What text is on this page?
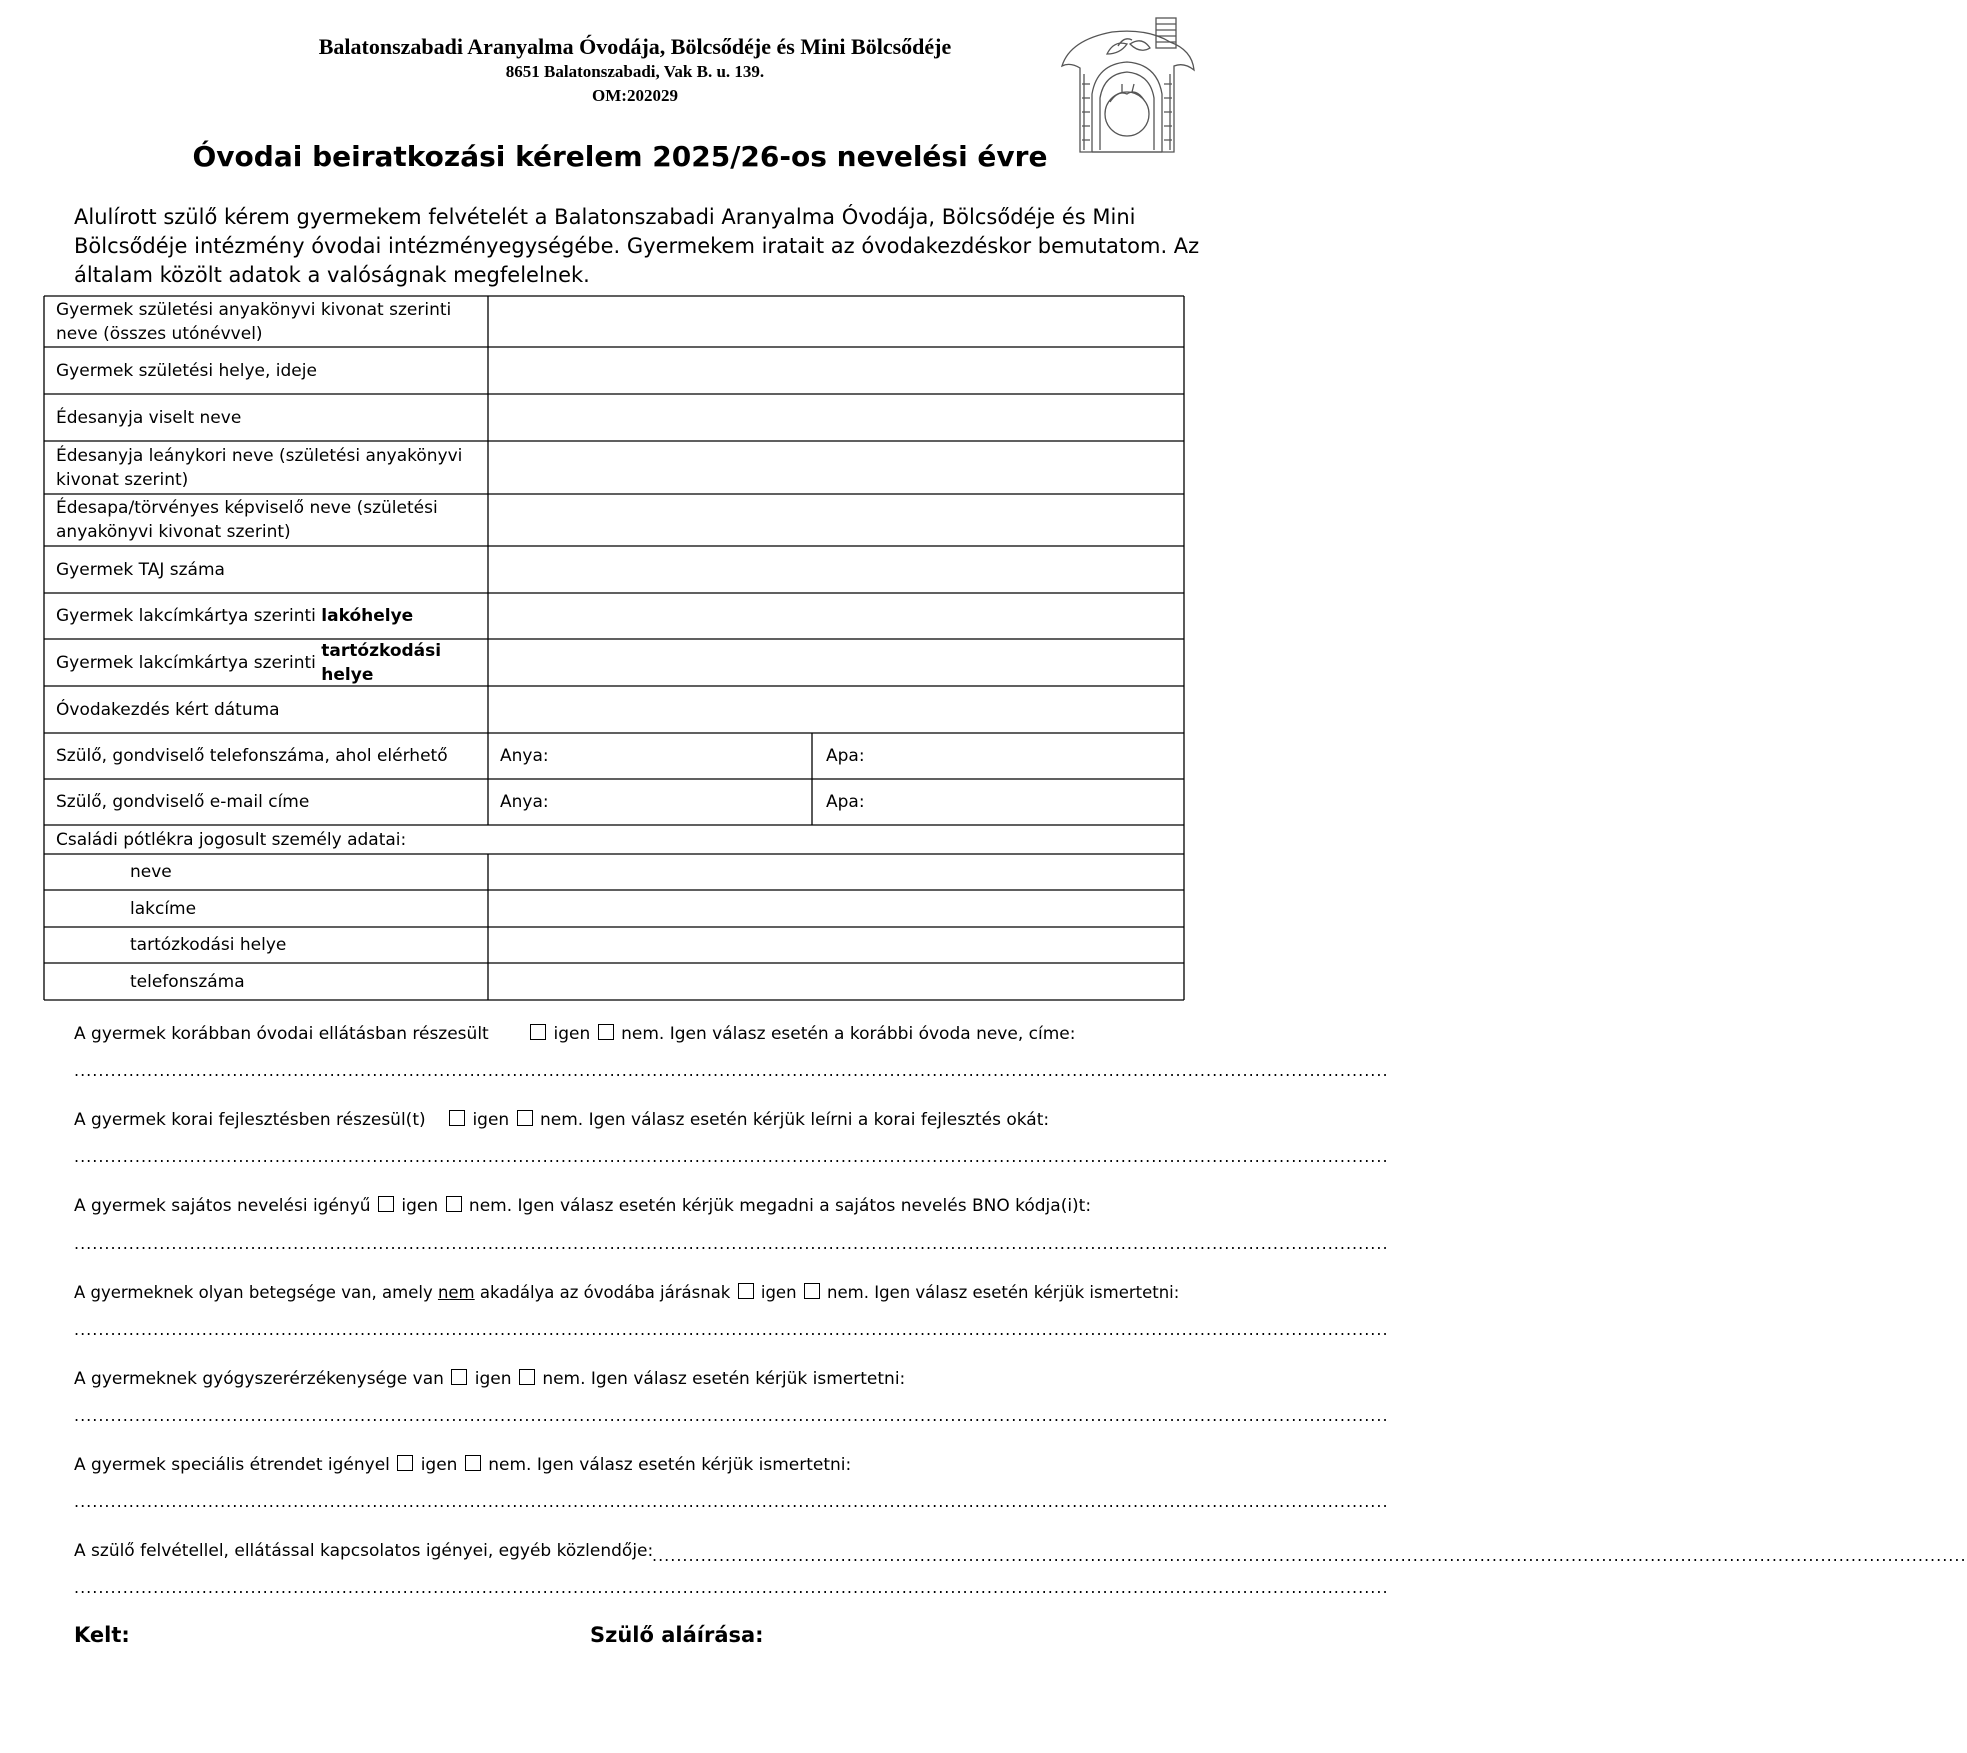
Balatonszabadi Aranyalma Óvodája, Bölcsődéje és Mini Bölcsődéje
8651 Balatonszabadi, Vak B. u. 139.
OM:202029
Óvodai beiratkozási kérelem 2025/26-os nevelési évre
Alulírott szülő kérem gyermekem felvételét a Balatonszabadi Aranyalma Óvodája, Bölcsődéje és Mini Bölcsődéje intézmény óvodai intézményegységébe. Gyermekem iratait az óvodakezdéskor bemutatom. Az általam közölt adatok a valóságnak megfelelnek.
Gyermek születési anyakönyvi kivonat szerinti neve (összes utónévvel)
Gyermek születési helye, ideje
Édesanyja viselt neve
Édesanyja leánykori neve (születési anyakönyvi kivonat szerint)
Édesapa/törvényes képviselő neve (születési anyakönyvi kivonat szerint)
Gyermek TAJ száma
Gyermek lakcímkártya szerinti lakóhelye
Gyermek lakcímkártya szerinti
tartózkodási helye
Óvodakezdés kért dátuma
Szülő, gondviselő telefonszáma, ahol elérhető	Anya:	Apa:
Szülő, gondviselő e-mail címe	Anya:	Apa:
Családi pótlékra jogosult személy adatai:
neve
lakcíme
tartózkodási helye
telefonszáma
A gyermek korábban óvodai ellátásban részesült	igen nem. Igen válasz esetén a korábbi óvoda neve, címe:
........................................................................................................................................................................................................................
A gyermek korai fejlesztésben részesül(t)	igen nem. Igen válasz esetén kérjük leírni a korai fejlesztés okát:
........................................................................................................................................................................................................................
A gyermek sajátos nevelési igényű igen nem. Igen válasz esetén kérjük megadni a sajátos nevelés BNO kódja(i)t:
........................................................................................................................................................................................................................
A gyermeknek olyan betegsége van, amely nem akadálya az óvodába járásnak igen nem. Igen válasz esetén kérjük ismertetni:
........................................................................................................................................................................................................................
A gyermeknek gyógyszerérzékenysége van igen nem. Igen válasz esetén kérjük ismertetni:
........................................................................................................................................................................................................................
A gyermek speciális étrendet igényel igen nem. Igen válasz esetén kérjük ismertetni:
........................................................................................................................................................................................................................
A szülő felvétellel, ellátással kapcsolatos igényei, egyéb közlendője:
........................................................................................................................................................................................................................
........................................................................................................................................................................................................................
Kelt:	Szülő aláírása:
